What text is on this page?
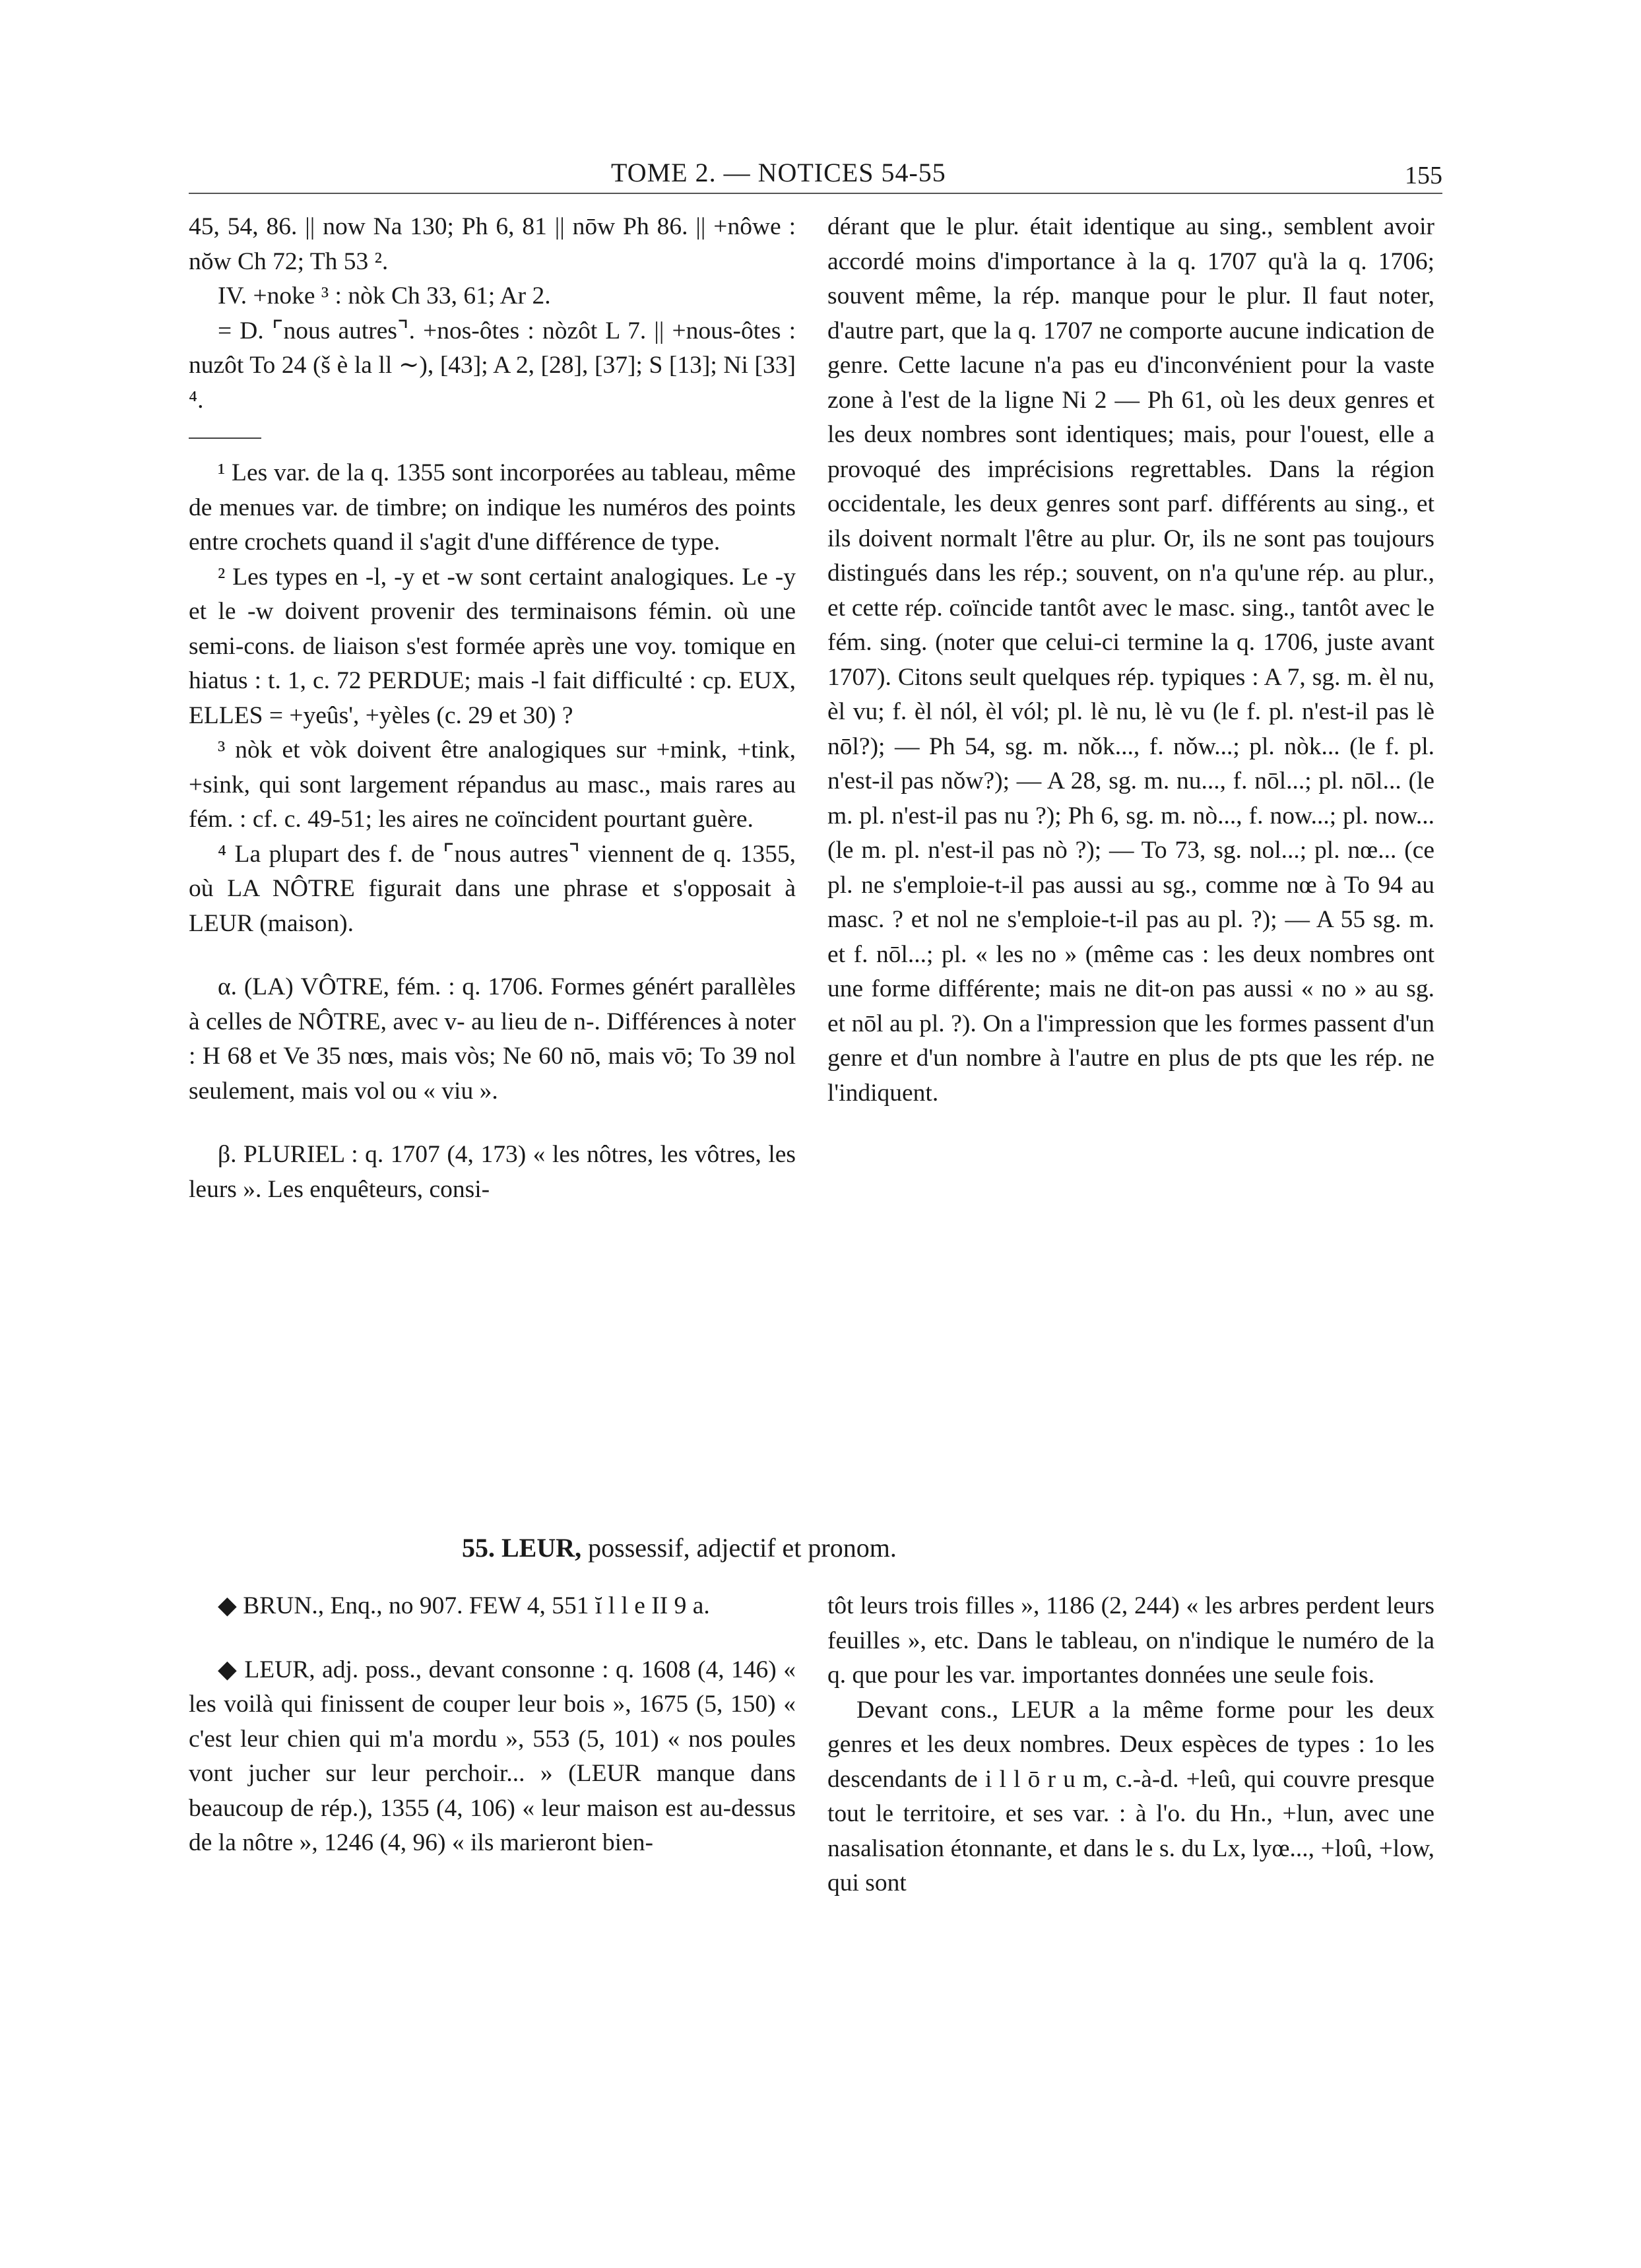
TOME 2. — NOTICES 54-55	155

45, 54, 86. || now Na 130; Ph 6, 81 || nōw Ph 86. || +nôwe : nŏw Ch 72; Th 53 ².

IV. +noke ³ : nòk Ch 33, 61; Ar 2.

= D. ⌜nous autres⌝. +nos-ôtes : nòzôt L 7. || +nous-ôtes : nuzôt To 24 (š è la ll ∼), [43]; A 2, [28], [37]; S [13]; Ni [33] ⁴.

¹ Les var. de la q. 1355 sont incorporées au tableau, même de menues var. de timbre; on indique les numéros des points entre crochets quand il s'agit d'une différence de type.

² Les types en -l, -y et -w sont certaint analogiques. Le -y et le -w doivent provenir des terminaisons fémin. où une semi-cons. de liaison s'est formée après une voy. tomique en hiatus : t. 1, c. 72 PERDUE; mais -l fait difficulté : cp. EUX, ELLES = +yeûs', +yèles (c. 29 et 30) ?

³ nòk et vòk doivent être analogiques sur +mink, +tink, +sink, qui sont largement répandus au masc., mais rares au fém. : cf. c. 49-51; les aires ne coïncident pourtant guère.

⁴ La plupart des f. de ⌜nous autres⌝ viennent de q. 1355, où LA NÔTRE figurait dans une phrase et s'opposait à LEUR (maison).

α. (LA) VÔTRE, fém. : q. 1706. Formes génért parallèles à celles de NÔTRE, avec v- au lieu de n-. Différences à noter : H 68 et Ve 35 nœs, mais vòs; Ne 60 nō, mais vō; To 39 nol seulement, mais vol ou « viu ».

β. PLURIEL : q. 1707 (4, 173) « les nôtres, les vôtres, les leurs ». Les enquêteurs, consi-

dérant que le plur. était identique au sing., semblent avoir accordé moins d'importance à la q. 1707 qu'à la q. 1706; souvent même, la rép. manque pour le plur. Il faut noter, d'autre part, que la q. 1707 ne comporte aucune indication de genre. Cette lacune n'a pas eu d'inconvénient pour la vaste zone à l'est de la ligne Ni 2 — Ph 61, où les deux genres et les deux nombres sont identiques; mais, pour l'ouest, elle a provoqué des imprécisions regrettables. Dans la région occidentale, les deux genres sont parf. différents au sing., et ils doivent normalt l'être au plur. Or, ils ne sont pas toujours distingués dans les rép.; souvent, on n'a qu'une rép. au plur., et cette rép. coïncide tantôt avec le masc. sing., tantôt avec le fém. sing. (noter que celui-ci termine la q. 1706, juste avant 1707). Citons seult quelques rép. typiques : A 7, sg. m. èl nu, èl vu; f. èl nól, èl vól; pl. lè nu, lè vu (le f. pl. n'est-il pas lè nōl?); — Ph 54, sg. m. nǒk..., f. nǒw...; pl. nòk... (le f. pl. n'est-il pas nǒw?); — A 28, sg. m. nu..., f. nōl...; pl. nōl... (le m. pl. n'est-il pas nu ?); Ph 6, sg. m. nò..., f. now...; pl. now... (le m. pl. n'est-il pas nò ?); — To 73, sg. nol...; pl. nœ... (ce pl. ne s'emploie-t-il pas aussi au sg., comme nœ à To 94 au masc. ? et nol ne s'emploie-t-il pas au pl. ?); — A 55 sg. m. et f. nōl...; pl. « les no » (même cas : les deux nombres ont une forme différente; mais ne dit-on pas aussi « no » au sg. et nōl au pl. ?). On a l'impression que les formes passent d'un genre et d'un nombre à l'autre en plus de pts que les rép. ne l'indiquent.

55. LEUR, possessif, adjectif et pronom.

◆ BRUN., Enq., no 907. FEW 4, 551 ĭ l l e II 9 a.

◆ LEUR, adj. poss., devant consonne : q. 1608 (4, 146) « les voilà qui finissent de couper leur bois », 1675 (5, 150) « c'est leur chien qui m'a mordu », 553 (5, 101) « nos poules vont jucher sur leur perchoir... » (LEUR manque dans beaucoup de rép.), 1355 (4, 106) « leur maison est au-dessus de la nôtre », 1246 (4, 96) « ils marieront bien-

tôt leurs trois filles », 1186 (2, 244) « les arbres perdent leurs feuilles », etc. Dans le tableau, on n'indique le numéro de la q. que pour les var. importantes données une seule fois.

Devant cons., LEUR a la même forme pour les deux genres et les deux nombres. Deux espèces de types : 1o les descendants de i l l ō r u m, c.-à-d. +leû, qui couvre presque tout le territoire, et ses var. : à l'o. du Hn., +lun, avec une nasalisation étonnante, et dans le s. du Lx, lyœ..., +loû, +low, qui sont
